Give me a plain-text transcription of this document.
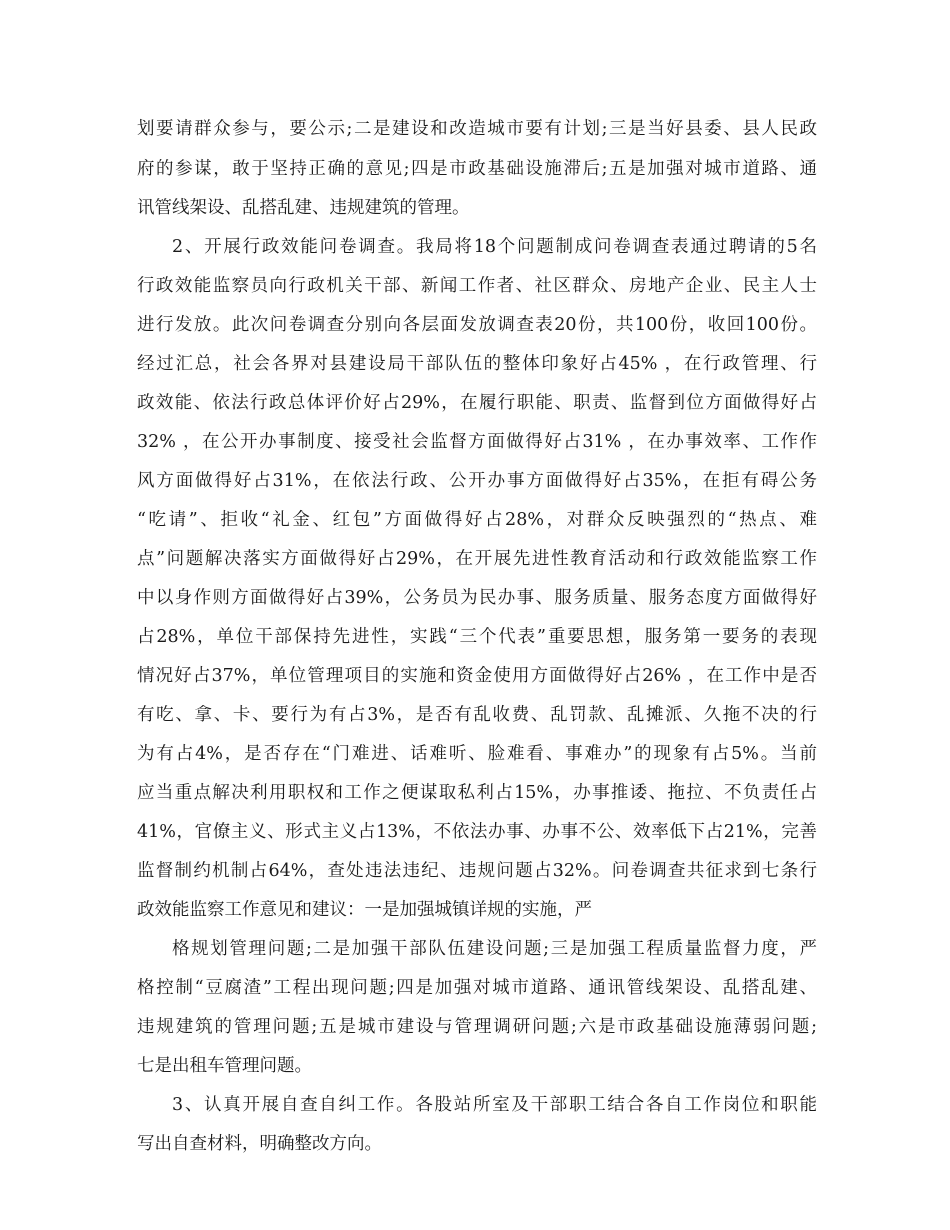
划要请群众参与，要公示;二是建设和改造城市要有计划;三是当好县委、县人民政
府的参谋，敢于坚持正确的意见;四是市政基础设施滞后;五是加强对城市道路、通
讯管线架设、乱搭乱建、违规建筑的管理。
2、开展行政效能问卷调查。我局将18个问题制成问卷调查表通过聘请的5名
行政效能监察员向行政机关干部、新闻工作者、社区群众、房地产企业、民主人士
进行发放。此次问卷调查分别向各层面发放调查表20份，共100份，收回100份。
经过汇总，社会各界对县建设局干部队伍的整体印象好占45% ，在行政管理、行
政效能、依法行政总体评价好占29%，在履行职能、职责、监督到位方面做得好占
32% ，在公开办事制度、接受社会监督方面做得好占31% ，在办事效率、工作作
风方面做得好占31%，在依法行政、公开办事方面做得好占35%，在拒有碍公务
“吃请”、拒收“礼金、红包”方面做得好占28%，对群众反映强烈的“热点、难
点”问题解决落实方面做得好占29%，在开展先进性教育活动和行政效能监察工作
中以身作则方面做得好占39%，公务员为民办事、服务质量、服务态度方面做得好
占28%，单位干部保持先进性，实践“三个代表”重要思想，服务第一要务的表现
情况好占37%，单位管理项目的实施和资金使用方面做得好占26% ，在工作中是否
有吃、拿、卡、要行为有占3%，是否有乱收费、乱罚款、乱摊派、久拖不决的行
为有占4%，是否存在“门难进、话难听、脸难看、事难办”的现象有占5%。当前
应当重点解决利用职权和工作之便谋取私利占15%，办事推诿、拖拉、不负责任占
41%，官僚主义、形式主义占13%，不依法办事、办事不公、效率低下占21%，完善
监督制约机制占64%，查处违法违纪、违规问题占32%。问卷调查共征求到七条行
政效能监察工作意见和建议：一是加强城镇详规的实施，严
格规划管理问题;二是加强干部队伍建设问题;三是加强工程质量监督力度，严
格控制“豆腐渣”工程出现问题;四是加强对城市道路、通讯管线架设、乱搭乱建、
违规建筑的管理问题;五是城市建设与管理调研问题;六是市政基础设施薄弱问题;
七是出租车管理问题。
3、认真开展自查自纠工作。各股站所室及干部职工结合各自工作岗位和职能
写出自查材料，明确整改方向。
